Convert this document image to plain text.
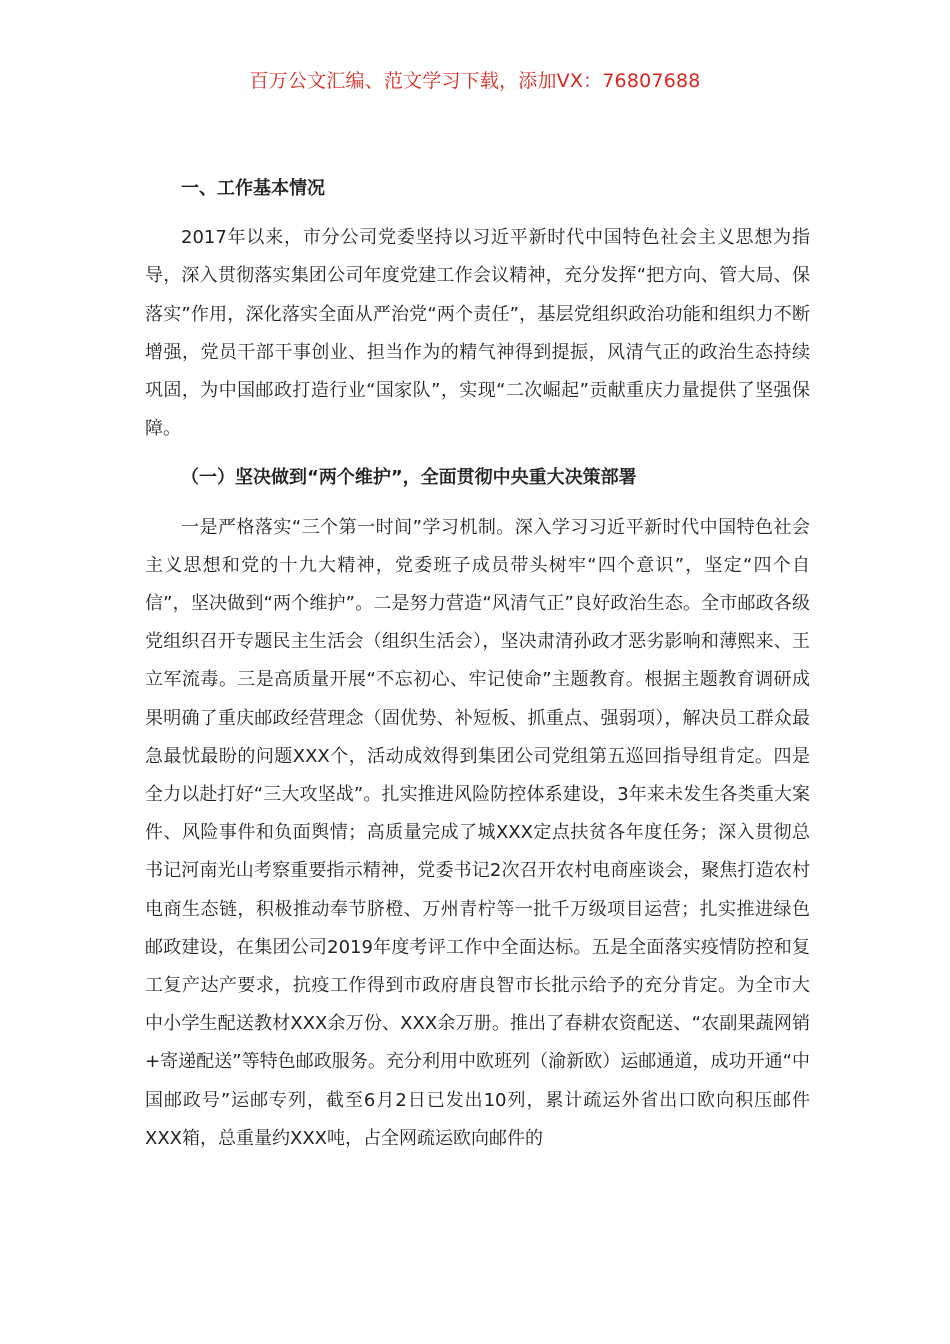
百万公文汇编、范文学习下载，添加VX：76807688

一、工作基本情况

2017年以来，市分公司党委坚持以习近平新时代中国特色社会主义思想为指导，深入贯彻落实集团公司年度党建工作会议精神，充分发挥“把方向、管大局、保落实”作用，深化落实全面从严治党“两个责任”，基层党组织政治功能和组织力不断增强，党员干部干事创业、担当作为的精气神得到提振，风清气正的政治生态持续巩固，为中国邮政打造行业“国家队”，实现“二次崛起”贡献重庆力量提供了坚强保障。

（一）坚决做到“两个维护”，全面贯彻中央重大决策部署

一是严格落实“三个第一时间”学习机制。深入学习习近平新时代中国特色社会主义思想和党的十九大精神，党委班子成员带头树牢“四个意识”，坚定“四个自信”，坚决做到“两个维护”。二是努力营造“风清气正”良好政治生态。全市邮政各级党组织召开专题民主生活会（组织生活会），坚决肃清孙政才恶劣影响和薄熙来、王立军流毒。三是高质量开展“不忘初心、牢记使命”主题教育。根据主题教育调研成果明确了重庆邮政经营理念（固优势、补短板、抓重点、强弱项），解决员工群众最急最忧最盼的问题XXX个，活动成效得到集团公司党组第五巡回指导组肯定。四是全力以赴打好“三大攻坚战”。扎实推进风险防控体系建设，3年来未发生各类重大案件、风险事件和负面舆情；高质量完成了城XXX定点扶贫各年度任务；深入贯彻总书记河南光山考察重要指示精神，党委书记2次召开农村电商座谈会，聚焦打造农村电商生态链，积极推动奉节脐橙、万州青柠等一批千万级项目运营；扎实推进绿色邮政建设，在集团公司2019年度考评工作中全面达标。五是全面落实疫情防控和复工复产达产要求，抗疫工作得到市政府唐良智市长批示给予的充分肯定。为全市大中小学生配送教材XXX余万份、XXX余万册。推出了春耕农资配送、“农副果蔬网销+寄递配送”等特色邮政服务。充分利用中欧班列（渝新欧）运邮通道，成功开通“中国邮政号”运邮专列，截至6月2日已发出10列，累计疏运外省出口欧向积压邮件XXX箱，总重量约XXX吨，占全网疏运欧向邮件的
